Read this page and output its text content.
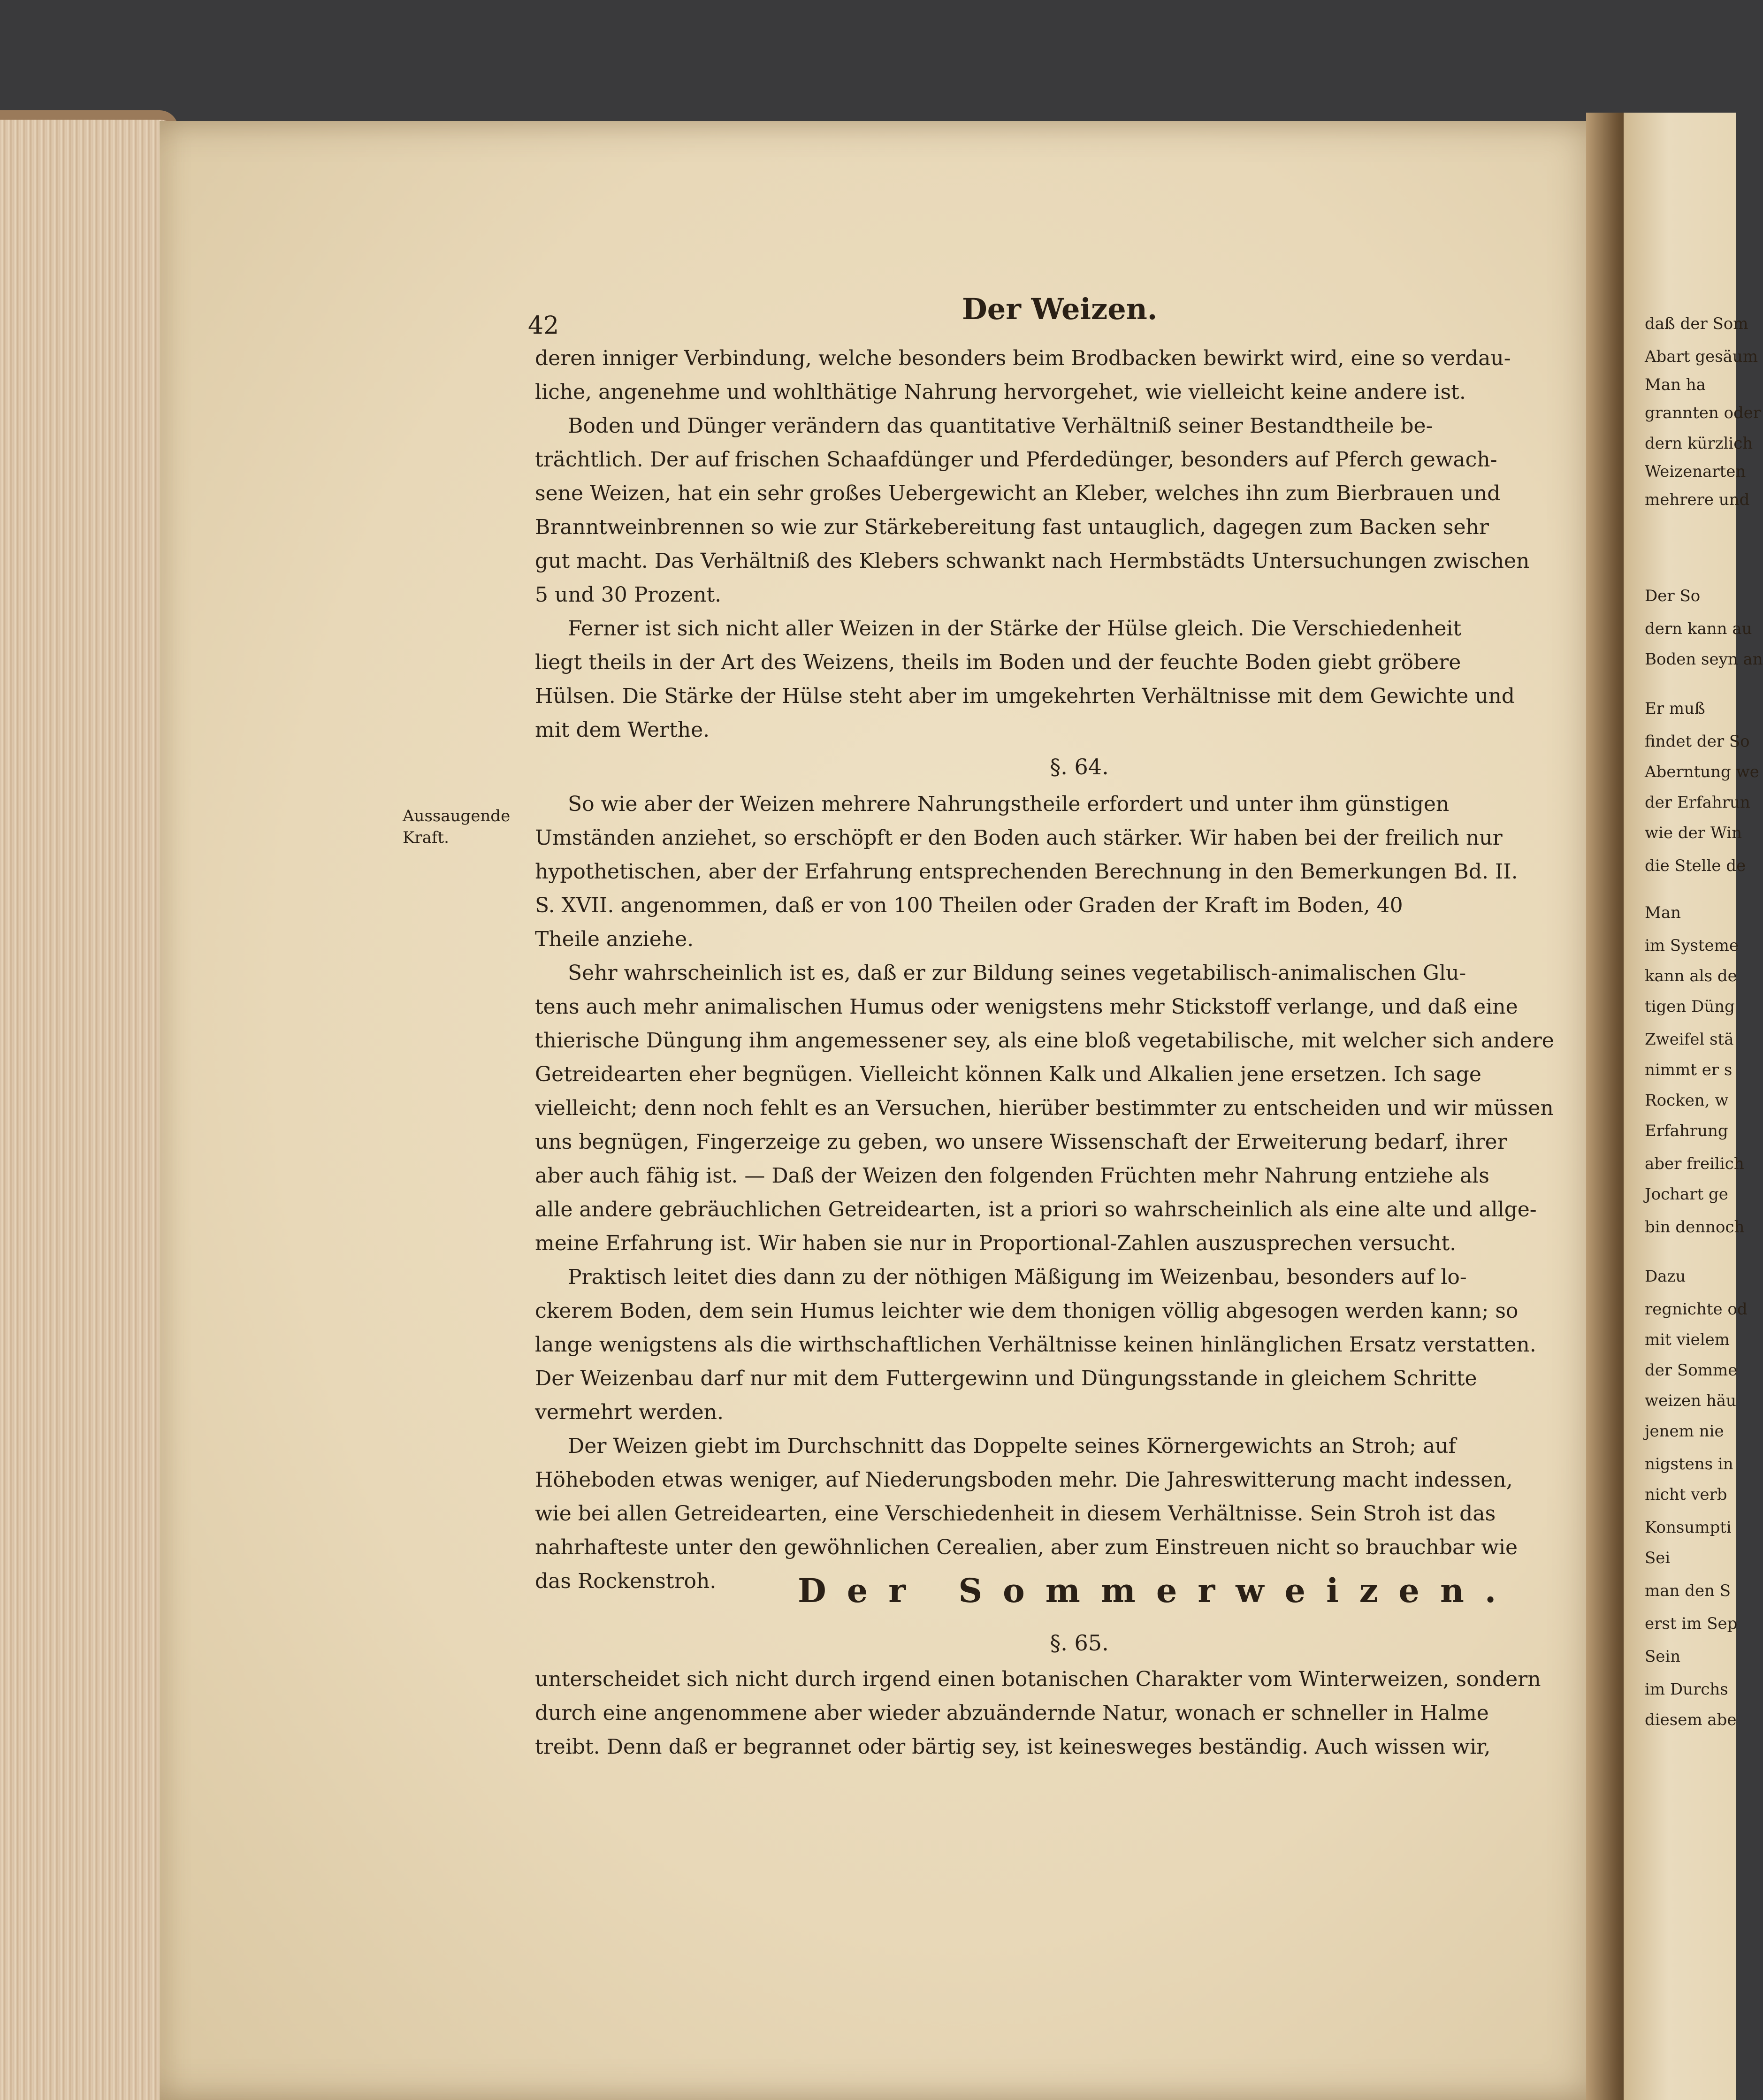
42	Der Weizen.
Aussaugende
Kraft.
deren inniger Verbindung, welche besonders beim Brodbacken bewirkt wird, eine so verdau-
liche, angenehme und wohlthätige Nahrung hervorgehet, wie vielleicht keine andere ist.
Boden und Dünger verändern das quantitative Verhältniß seiner Bestandtheile be-
trächtlich. Der auf frischen Schaafdünger und Pferdedünger, besonders auf Pferch gewach-
sene Weizen, hat ein sehr großes Uebergewicht an Kleber, welches ihn zum Bierbrauen und
Branntweinbrennen so wie zur Stärkebereitung fast untauglich, dagegen zum Backen sehr
gut macht. Das Verhältniß des Klebers schwankt nach Hermbstädts Untersuchungen zwischen
5 und 30 Prozent.
Ferner ist sich nicht aller Weizen in der Stärke der Hülse gleich. Die Verschiedenheit
liegt theils in der Art des Weizens, theils im Boden und der feuchte Boden giebt gröbere
Hülsen. Die Stärke der Hülse steht aber im umgekehrten Verhältnisse mit dem Gewichte und
mit dem Werthe.
§. 64.
So wie aber der Weizen mehrere Nahrungstheile erfordert und unter ihm günstigen
Umständen anziehet, so erschöpft er den Boden auch stärker. Wir haben bei der freilich nur
hypothetischen, aber der Erfahrung entsprechenden Berechnung in den Bemerkungen Bd. II.
S. XVII. angenommen, daß er von 100 Theilen oder Graden der Kraft im Boden, 40
Theile anziehe.
Sehr wahrscheinlich ist es, daß er zur Bildung seines vegetabilisch-animalischen Glu-
tens auch mehr animalischen Humus oder wenigstens mehr Stickstoff verlange, und daß eine
thierische Düngung ihm angemessener sey, als eine bloß vegetabilische, mit welcher sich andere
Getreidearten eher begnügen. Vielleicht können Kalk und Alkalien jene ersetzen. Ich sage
vielleicht; denn noch fehlt es an Versuchen, hierüber bestimmter zu entscheiden und wir müssen
uns begnügen, Fingerzeige zu geben, wo unsere Wissenschaft der Erweiterung bedarf, ihrer
aber auch fähig ist. — Daß der Weizen den folgenden Früchten mehr Nahrung entziehe als
alle andere gebräuchlichen Getreidearten, ist a priori so wahrscheinlich als eine alte und allge-
meine Erfahrung ist. Wir haben sie nur in Proportional-Zahlen auszusprechen versucht.
Praktisch leitet dies dann zu der nöthigen Mäßigung im Weizenbau, besonders auf lo-
ckerem Boden, dem sein Humus leichter wie dem thonigen völlig abgesogen werden kann; so
lange wenigstens als die wirthschaftlichen Verhältnisse keinen hinlänglichen Ersatz verstatten.
Der Weizenbau darf nur mit dem Futtergewinn und Düngungsstande in gleichem Schritte
vermehrt werden.
Der Weizen giebt im Durchschnitt das Doppelte seines Körnergewichts an Stroh; auf
Höheboden etwas weniger, auf Niederungsboden mehr. Die Jahreswitterung macht indessen,
wie bei allen Getreidearten, eine Verschiedenheit in diesem Verhältnisse. Sein Stroh ist das
nahrhafteste unter den gewöhnlichen Cerealien, aber zum Einstreuen nicht so brauchbar wie
das Rockenstroh.	Der Sommerweizen.
§. 65.
unterscheidet sich nicht durch irgend einen botanischen Charakter vom Winterweizen, sondern
durch eine angenommene aber wieder abzuändernde Natur, wonach er schneller in Halme
treibt. Denn daß er begrannet oder bärtig sey, ist keinesweges beständig. Auch wissen wir,
daß der Som
Abart gesäum
Man ha
grannten oder
dern kürzlich
Weizenarten
mehrere und
Der So
dern kann au
Boden seyn an
Er muß
findet der So
Aberntung we
der Erfahrun
wie der Win
die Stelle de
Man
im Systeme
kann als de
tigen Düng
Zweifel stä
nimmt er s
Rocken, w
Erfahrung
aber freilich
Jochart ge
bin dennoch
Dazu
regnichte od
mit vielem
der Somme
weizen häu
jenem nie
nigstens in
nicht verb
Konsumpti
Sei
man den S
erst im Sep
Sein
im Durchs
diesem abe
